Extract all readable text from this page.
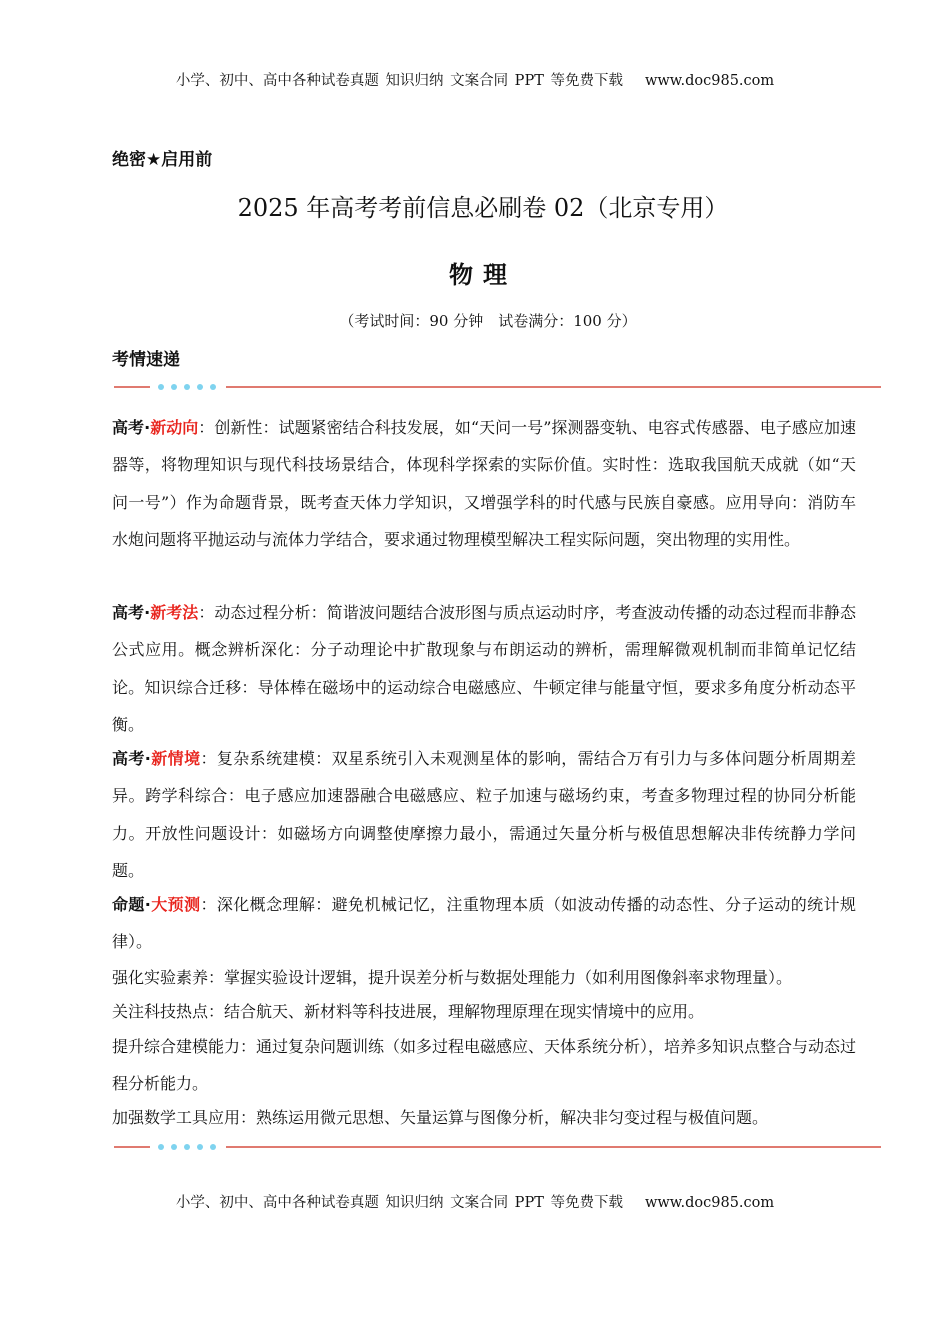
小学、初中、高中各种试卷真题 知识归纳 文案合同 PPT 等免费下载 www.doc985.com
绝密★启用前
2025 年高考考前信息必刷卷 02（北京专用）
物理
（考试时间：90 分钟　试卷满分：100 分）
考情速递
高考·新动向：创新性：试题紧密结合科技发展，如“天问一号”探测器变轨、电容式传感器、电子感应加速器等，将物理知识与现代科技场景结合，体现科学探索的实际价值。实时性：选取我国航天成就（如“天问一号”）作为命题背景，既考查天体力学知识，又增强学科的时代感与民族自豪感。应用导向：消防车水炮问题将平抛运动与流体力学结合，要求通过物理模型解决工程实际问题，突出物理的实用性。
高考·新考法：动态过程分析：简谐波问题结合波形图与质点运动时序，考查波动传播的动态过程而非静态公式应用。概念辨析深化：分子动理论中扩散现象与布朗运动的辨析，需理解微观机制而非简单记忆结论。知识综合迁移：导体棒在磁场中的运动综合电磁感应、牛顿定律与能量守恒，要求多角度分析动态平衡。
高考·新情境：复杂系统建模：双星系统引入未观测星体的影响，需结合万有引力与多体问题分析周期差异。跨学科综合：电子感应加速器融合电磁感应、粒子加速与磁场约束，考查多物理过程的协同分析能力。开放性问题设计：如磁场方向调整使摩擦力最小，需通过矢量分析与极值思想解决非传统静力学问题。
命题·大预测：深化概念理解：避免机械记忆，注重物理本质（如波动传播的动态性、分子运动的统计规律）。
强化实验素养：掌握实验设计逻辑，提升误差分析与数据处理能力（如利用图像斜率求物理量）。
关注科技热点：结合航天、新材料等科技进展，理解物理原理在现实情境中的应用。
提升综合建模能力：通过复杂问题训练（如多过程电磁感应、天体系统分析），培养多知识点整合与动态过程分析能力。
加强数学工具应用：熟练运用微元思想、矢量运算与图像分析，解决非匀变过程与极值问题。
小学、初中、高中各种试卷真题 知识归纳 文案合同 PPT 等免费下载 www.doc985.com
